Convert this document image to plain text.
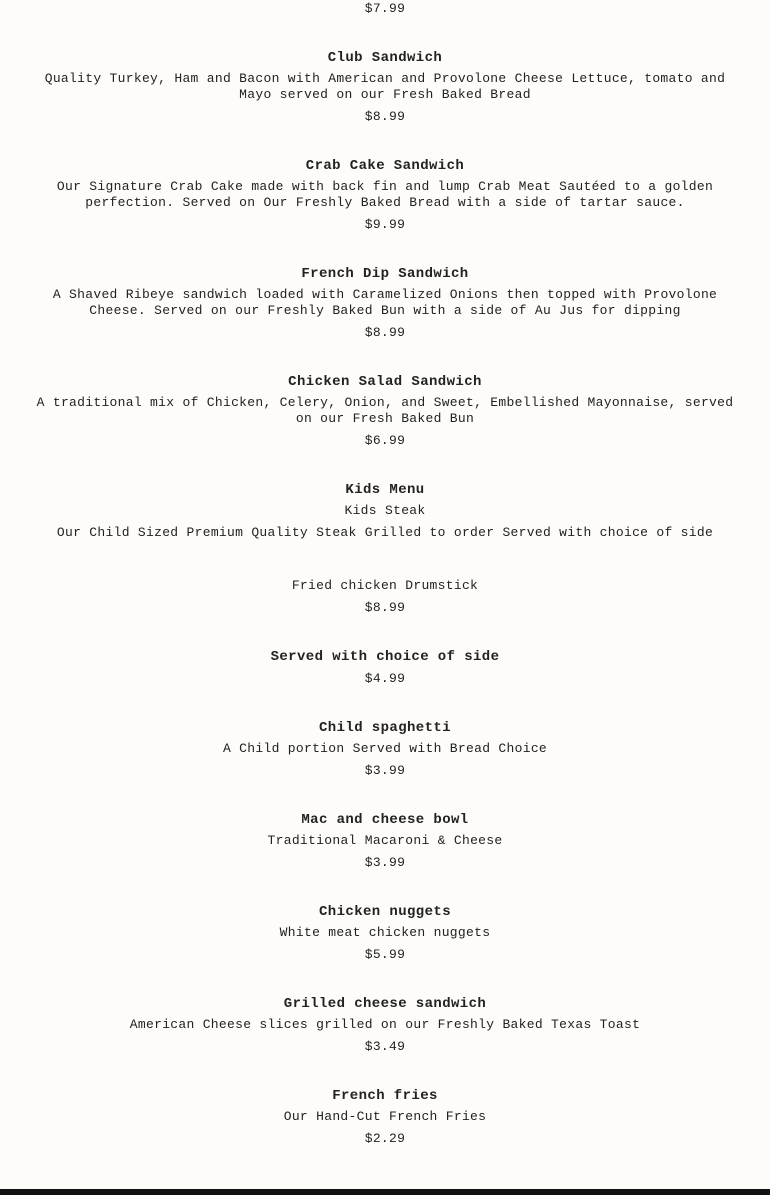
$7.99
Club Sandwich
Quality Turkey, Ham and Bacon with American and Provolone Cheese Lettuce, tomato and
Mayo served on our Fresh Baked Bread
$8.99
Crab Cake Sandwich
Our Signature Crab Cake made with back fin and lump Crab Meat Sautéed to a golden
perfection. Served on Our Freshly Baked Bread with a side of tartar sauce.
$9.99
French Dip Sandwich
A Shaved Ribeye sandwich loaded with Caramelized Onions then topped with Provolone
Cheese. Served on our Freshly Baked Bun with a side of Au Jus for dipping
$8.99
Chicken Salad Sandwich
A traditional mix of Chicken, Celery, Onion, and Sweet, Embellished Mayonnaise, served
on our Fresh Baked Bun
$6.99
Kids Menu
Kids Steak
Our Child Sized Premium Quality Steak Grilled to order Served with choice of side
Fried chicken Drumstick
$8.99
Served with choice of side
$4.99
Child spaghetti
A Child portion Served with Bread Choice
$3.99
Mac and cheese bowl
Traditional Macaroni & Cheese
$3.99
Chicken nuggets
White meat chicken nuggets
$5.99
Grilled cheese sandwich
American Cheese slices grilled on our Freshly Baked Texas Toast
$3.49
French fries
Our Hand-Cut French Fries
$2.29
